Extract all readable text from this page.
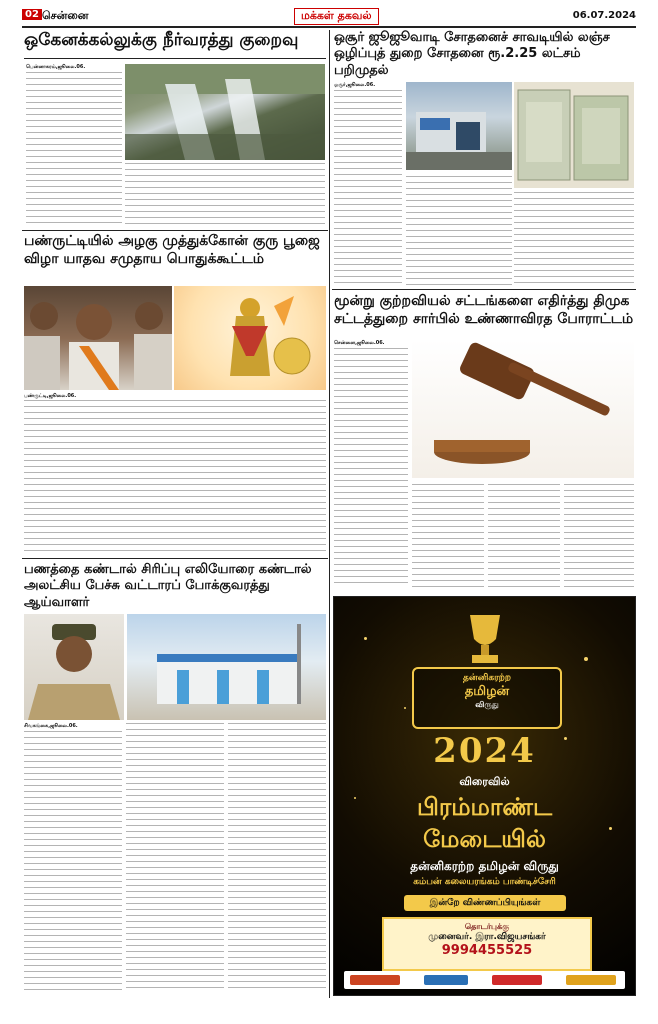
02 சென்னை	மக்கள் தகவல்	06.07.2024
ஒகேனக்கல்லுக்கு நீர்வரத்து குறைவு
பென்னாகரம்,ஜூலை.06.
ஒசூர் ஜூஜூவாடி சோதனைச் சாவடியில் லஞ்ச ஒழிப்புத் துறை சோதனை ரூ.2.25 லட்சம் பறிமுதல்
ஓசூர்,ஜூலை.06.
பண்ருட்டியில் அழகு முத்துக்கோன் குரு பூஜை விழா யாதவ சமுதாய பொதுக்கூட்டம்
பண்ருட்டி,ஜூலை.06.
மூன்று குற்றவியல் சட்டங்களை எதிர்த்து திமுக சட்டத்துறை சார்பில் உண்ணாவிரத போராட்டம்
சென்னை,ஜூலை.06.
பணத்தை கண்டால் சிரிப்பு எலியோரை கண்டால் அலட்சிய பேச்சு வட்டாரப் போக்குவரத்து ஆய்வாளர்
சிவகங்கை,ஜூலை.06.
தன்னிகரற்ற
தமிழன்
விருது
2024
விரைவில்
பிரம்மாண்ட
மேடையில்
தன்னிகரற்ற தமிழன் விருது
கம்பன் கலையரங்கம் பாண்டிச்சேரி
இன்றே விண்ணப்பியுங்கள்
தொடர்புக்கு
முனைவர். இரா.விஜயசங்கர்
9994455525
